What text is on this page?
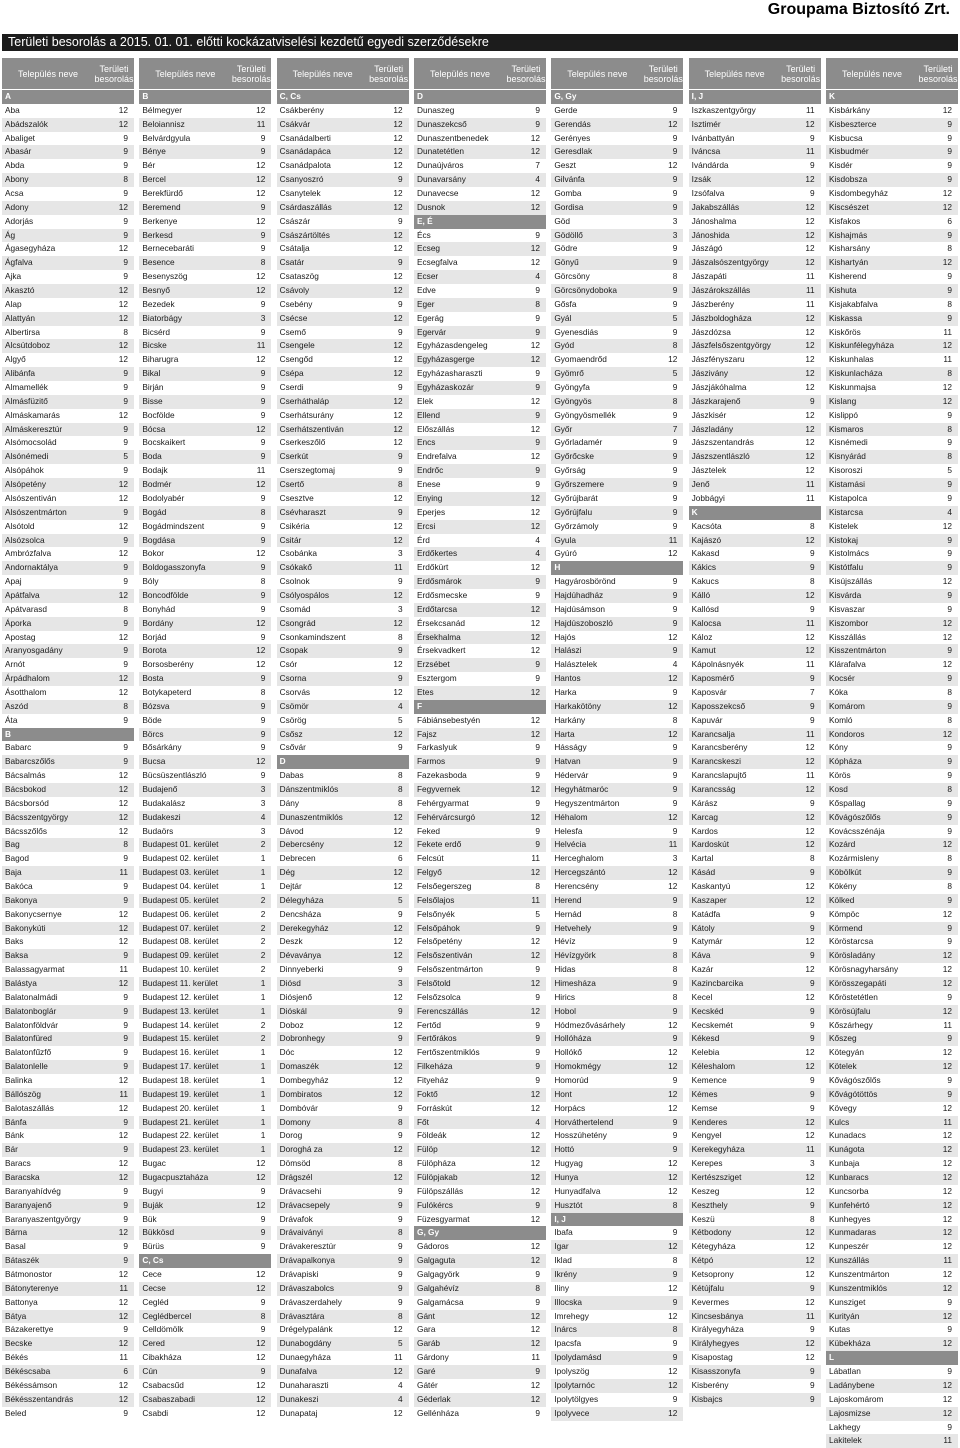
Groupama Biztosító Zrt.
Területi besorolás a 2015. 01. 01. előtti kockázatviselési kezdetű egyedi szerződésekre
Település neve	Területi besorolás
A
Aba	12
Abádszalók	12
Abaliget	9
Abasár	9
Abda	9
Abony	8
Acsa	9
Adony	12
Adorjás	9
Ág	9
Ágasegyháza	12
Ágfalva	9
Ajka	9
Akasztó	12
Alap	12
Alattyán	12
Albertirsa	8
Alcsútdoboz	12
Algyő	12
Alibánfa	9
Almamellék	9
Almásfüzitő	9
Almáskamarás	12
Almáskeresztúr	9
Alsómocsolád	9
Alsónémedi	5
Alsópáhok	9
Alsópetény	12
Alsószentiván	12
Alsószentmárton	9
Alsótold	12
Alsózsolca	9
Ambrózfalva	12
Andornaktálya	9
Apaj	9
Apátfalva	12
Apátvarasd	8
Áporka	9
Apostag	12
Aranyosgadány	9
Arnót	9
Árpádhalom	12
Ásotthalom	12
Aszód	8
Áta	9
B
Babarc	9
Babarcszőlős	9
Bácsalmás	12
Bácsbokod	12
Bácsborsód	12
Bácsszentgyörgy	12
Bácsszőlős	12
Bag	8
Bagod	9
Baja	11
Bakóca	9
Bakonya	9
Bakonycsernye	12
Bakonykúti	12
Baks	12
Baksa	9
Balassagyarmat	11
Balástya	12
Balatonalmádi	9
Balatonboglár	9
Balatonföldvár	9
Balatonfüred	9
Balatonfűzfő	9
Balatonlelle	9
Balinka	12
Bállószög	11
Balotaszállás	12
Bánfa	9
Bánk	12
Bár	9
Baracs	12
Baracska	12
Baranyahídvég	9
Baranyajenő	9
Baranyaszentgyörgy	9
Bárna	12
Basal	9
Bátaszék	9
Bátmonostor	12
Bátonyterenye	11
Battonya	12
Bátya	12
Bázakerettye	9
Becske	12
Békés	11
Békéscsaba	6
Békéssámson	12
Békésszentandrás	12
Beled	9
Település neve	Területi besorolás
B
Bélmegyer	12
Beloiannisz	11
Belvárdgyula	9
Bénye	9
Bér	12
Bercel	12
Berekfürdő	12
Beremend	9
Berkenye	12
Berkesd	9
Bernecebaráti	9
Besence	8
Besenyszög	12
Besnyő	12
Bezedek	9
Biatorbágy	3
Bicsérd	9
Bicske	11
Biharugra	12
Bikal	9
Birján	9
Bisse	9
Bocfölde	9
Bócsa	12
Bocskaikert	9
Boda	9
Bodajk	11
Bodmér	12
Bodolyabér	9
Bogád	8
Bogádmindszent	9
Bogdása	9
Bokor	12
Boldogasszonyfa	9
Bóly	8
Boncodfölde	9
Bonyhád	9
Bordány	12
Borjád	9
Borota	12
Borsosberény	12
Bosta	9
Botykapeterd	8
Bózsva	9
Böde	9
Börcs	9
Bősárkány	9
Bucsa	12
Bücsüszentlászló	9
Budajenő	3
Budakalász	3
Budakeszi	4
Budaörs	3
Budapest 01. kerület	2
Budapest 02. kerület	1
Budapest 03. kerület	1
Budapest 04. kerület	1
Budapest 05. kerület	2
Budapest 06. kerület	2
Budapest 07. kerület	2
Budapest 08. kerület	2
Budapest 09. kerület	2
Budapest 10. kerület	2
Budapest 11. kerület	1
Budapest 12. kerület	1
Budapest 13. kerület	1
Budapest 14. kerület	2
Budapest 15. kerület	2
Budapest 16. kerület	1
Budapest 17. kerület	1
Budapest 18. kerület	1
Budapest 19. kerület	1
Budapest 20. kerület	1
Budapest 21. kerület	1
Budapest 22. kerület	1
Budapest 23. kerület	1
Bugac	12
Bugacpusztaháza	12
Bugyi	9
Buják	12
Bük	9
Bükkösd	9
Bürüs	9
C, Cs
Cece	12
Cecse	12
Cegléd	9
Ceglédbercel	8
Celldömölk	9
Cered	12
Cibakháza	12
Cún	9
Csabacsűd	12
Csabaszabadi	12
Csabdi	12
Település neve	Területi besorolás
C, Cs
Csákberény	12
Csákvár	12
Csanádalberti	12
Csanádapáca	12
Csanádpalota	12
Csanyoszró	9
Csanytelek	12
Csárdaszállás	12
Császár	9
Császártöltés	12
Csátalja	12
Csatár	9
Csataszög	12
Csávoly	12
Csebény	9
Csécse	12
Csemő	9
Csengele	12
Csengőd	12
Csépa	12
Cserdi	9
Cserháthaláp	12
Cserhátsurány	12
Cserhátszentiván	12
Cserkeszőlő	12
Cserkút	9
Cserszegtomaj	9
Csertő	8
Csesztve	12
Csévharaszt	9
Csikéria	12
Csitár	12
Csobánka	3
Csókakő	11
Csolnok	9
Csólyospálos	12
Csomád	3
Csongrád	12
Csonkamindszent	8
Csopak	9
Csór	12
Csorna	9
Csorvás	12
Csömör	4
Csörög	5
Csősz	12
Csővár	9
D
Dabas	8
Dánszentmiklós	8
Dány	8
Dunaszentmiklós	12
Dávod	12
Debercsény	12
Debrecen	6
Dég	12
Dejtár	12
Délegyháza	5
Dencsháza	9
Derekegyház	12
Deszk	12
Dévaványa	12
Dinnyeberki	9
Diósd	3
Diósjenő	12
Dióskál	9
Doboz	12
Dobronhegy	9
Dóc	12
Domaszék	12
Dombegyház	12
Dombiratos	12
Dombóvár	9
Domony	8
Dorog	9
Doroghá za	12
Dömsöd	8
Drágszél	12
Drávacsehi	9
Drávacsepely	9
Drávafok	9
Drávaiványi	8
Drávakeresztúr	9
Drávapalkonya	9
Drávapiski	9
Drávaszabolcs	9
Drávaszerdahely	9
Drávasztára	8
Drégelypalánk	12
Dunabogdány	5
Dunaegyháza	11
Dunafalva	12
Dunaharaszti	4
Dunakeszi	4
Dunapataj	12
Település neve	Területi besorolás
D
Dunaszeg	9
Dunaszekcső	9
Dunaszentbenedek	12
Dunatetétlen	12
Dunaújváros	7
Dunavarsány	4
Dunavecse	12
Dusnok	12
E, É
Écs	9
Ecseg	12
Ecsegfalva	12
Ecser	4
Edve	9
Eger	8
Egerág	9
Egervár	9
Egyházasdengeleg	12
Egyházasgerge	12
Egyházasharaszti	9
Egyházaskozár	9
Elek	12
Ellend	9
Előszállás	12
Encs	9
Endrefalva	12
Endrőc	9
Enese	9
Enying	12
Eperjes	12
Ercsi	12
Érd	4
Erdőkertes	4
Erdőkürt	12
Erdősmárok	9
Erdősmecske	9
Erdőtarcsa	12
Érsekcsanád	12
Érsekhalma	12
Érsekvadkert	12
Erzsébet	9
Esztergom	9
Etes	12
F
Fábiánsebestyén	12
Fajsz	12
Farkaslyuk	9
Farmos	9
Fazekasboda	9
Fegyvernek	12
Fehérgyarmat	9
Fehérvárcsurgó	12
Feked	9
Fekete erdő	9
Felcsút	11
Felgyő	12
Felsőegerszeg	8
Felsőlajos	11
Felsőnyék	5
Felsőpáhok	9
Felsőpetény	12
Felsőszentiván	12
Felsőszentmárton	9
Felsőtold	12
Felsőzsolca	9
Ferencszállás	12
Fertőd	9
Fertőrákos	9
Fertőszentmiklós	9
Filkeháza	9
Fityeház	9
Foktő	12
Forráskút	12
Főt	4
Földeák	12
Fülöp	12
Fülöpháza	12
Fülöpjakab	12
Fülöpszállás	12
Fulókércs	9
Füzesgyarmat	12
G, Gy
Gádoros	12
Galgaguta	12
Galgagyörk	9
Galgahévíz	8
Galgamácsa	9
Gánt	12
Gara	12
Garáb	12
Gárdony	11
Garé	9
Gátér	12
Géderlak	12
Gellénháza	9
Település neve	Területi besorolás
G, Gy
Gerde	9
Gerendás	12
Gerényes	9
Geresdlak	9
Geszt	12
Gilvánfa	9
Gomba	9
Gordisa	9
Göd	3
Gödöllő	3
Gödre	9
Gönyű	9
Görcsöny	8
Görcsönydoboka	9
Gősfa	9
Gyál	5
Gyenesdiás	9
Gyód	8
Gyomaendrőd	12
Gyömrő	5
Gyöngyfa	9
Gyöngyös	8
Gyöngyösmellék	9
Győr	7
Győrladamér	9
Győrőcske	9
Győrság	9
Győrszemere	9
Győrújbarát	9
Győrújfalu	9
Győrzámoly	9
Gyula	11
Gyúró	12
H
Hagyárosbörönd	9
Hajdúhadház	9
Hajdúsámson	9
Hajdúszoboszló	9
Hajós	12
Halászi	9
Halásztelek	4
Hantos	12
Harka	9
Harkakötöny	12
Harkány	8
Harta	12
Hásságy	9
Hatvan	9
Hédervár	9
Hegyhátmaróc	9
Hegyszentmárton	9
Héhalom	12
Helesfa	9
Helvécia	11
Herceghalom	3
Hercegszántó	12
Herencsény	12
Herend	9
Hernád	8
Hetvehely	9
Hévíz	9
Hévízgyörk	8
Hidas	8
Himesháza	9
Hirics	8
Hobol	9
Hódmezővásárhely	12
Hollóháza	9
Hollókő	12
Homokmégy	12
Homorúd	9
Hont	12
Horpács	12
Horváthertelend	9
Hosszúhetény	9
Hottó	9
Hugyag	12
Hunya	12
Hunyadfalva	12
Husztót	8
I, J
Ibafa	9
Igar	12
Iklad	8
Ikrény	9
Iliny	12
Illocska	9
Imrehegy	12
Inárcs	8
Ipacsfa	9
Ipolydamásd	9
Ipolyszög	12
Ipolytarnóc	12
Ipolytölgyes	9
Ipolyvece	12
Település neve	Területi besorolás
I, J
Iszkaszentgyörgy	11
Isztimér	12
Ivánbattyán	9
Iváncsa	11
Ivándárda	9
Izsák	12
Izsófalva	9
Jakabszállás	12
Jánoshalma	12
Jánoshida	12
Jászágó	12
Jászalsószentgyörgy	12
Jászapáti	11
Jászárokszállás	11
Jászberény	11
Jászboldogháza	12
Jászdózsa	12
Jászfelsőszentgyörgy	12
Jászfényszaru	12
Jászivány	12
Jászjákóhalma	12
Jászkarajenő	9
Jászkisér	12
Jászladány	12
Jászszentandrás	12
Jászszentlászló	12
Jásztelek	12
Jenő	11
Jobbágyi	11
K
Kacsóta	8
Kajászó	12
Kakasd	9
Kákics	9
Kakucs	8
Kálló	12
Kallósd	9
Kalocsa	11
Káloz	12
Kamut	12
Kápolnásnyék	11
Kaposmérő	9
Kaposvár	7
Kaposszekcső	9
Kapuvár	9
Karancsalja	11
Karancsberény	12
Karancskeszi	12
Karancslapujtő	11
Karancsság	12
Kárász	9
Karcag	12
Kardos	12
Kardoskút	12
Kartal	8
Kásád	9
Kaskantyú	12
Kaszaper	12
Katádfa	9
Kátoly	9
Katymár	12
Káva	9
Kazár	12
Kazincbarcika	9
Kecel	12
Kecskéd	9
Kecskemét	9
Kékesd	9
Kelebia	12
Kéleshalom	12
Kemence	9
Kémes	9
Kemse	9
Kenderes	12
Kengyel	12
Kerekegyháza	11
Kerepes	3
Kertészsziget	12
Keszeg	12
Keszthely	9
Keszü	8
Kétbodony	12
Kétegyháza	12
Kétpó	12
Ketsoprony	12
Kétújfalu	9
Kevermes	12
Kincsesbánya	11
Királyegyháza	9
Királyhegyes	12
Kisapostag	12
Kisasszonyfa	9
Kisberény	9
Kisbajcs	9
Település neve	Területi besorolás
K
Kisbárkány	12
Kisbeszterce	9
Kisbucsa	9
Kisbudmér	9
Kisdér	9
Kisdobsza	9
Kisdombegyház	12
Kiscsészet	12
Kisfakos	6
Kishajmás	9
Kisharsány	8
Kishartyán	12
Kisherend	9
Kishuta	9
Kisjakabfalva	8
Kiskassa	9
Kiskőrös	11
Kiskunfélegyháza	12
Kiskunhalas	11
Kiskunlacháza	8
Kiskunmajsa	12
Kislang	12
Kislippó	9
Kismaros	8
Kisnémedi	9
Kisnyárád	8
Kisoroszi	5
Kistamási	9
Kistapolca	9
Kistarcsa	4
Kistelek	12
Kistokaj	9
Kistolmács	9
Kistótfalu	9
Kisújszállás	12
Kisvárda	9
Kisvaszar	9
Kiszombor	12
Kisszállás	12
Kisszentmárton	9
Klárafalva	12
Kocsér	9
Kóka	8
Komárom	9
Komló	8
Kondoros	12
Kóny	9
Kópháza	9
Körös	9
Kosd	8
Kőspallag	9
Kővágószőlős	9
Kovácsszénája	9
Kozárd	12
Kozármisleny	8
Köbölkút	9
Kökény	8
Kölked	9
Kömpöc	12
Körmend	9
Köröstarcsa	9
Körösladány	12
Körösnagyharsány	12
Körösszegapáti	12
Kőröstetétlen	9
Körösújfalu	12
Kőszárhegy	11
Kőszeg	9
Kötegyán	12
Kötelek	12
Kővágószőlős	9
Kővágótöttös	9
Kövegy	12
Kulcs	11
Kunadacs	12
Kunágota	12
Kunbaja	12
Kunbaracs	12
Kuncsorba	12
Kunfehértó	12
Kunhegyes	12
Kunmadaras	12
Kunpeszér	12
Kunszállás	11
Kunszentmárton	12
Kunszentmiklós	12
Kunsziget	9
Kurityán	12
Kutas	9
Kübekháza	12
L
Lábatlan	9
Ladánybene	12
Lajoskomárom	12
Lajosmizse	12
Lakhegy	9
Lakitelek	11
